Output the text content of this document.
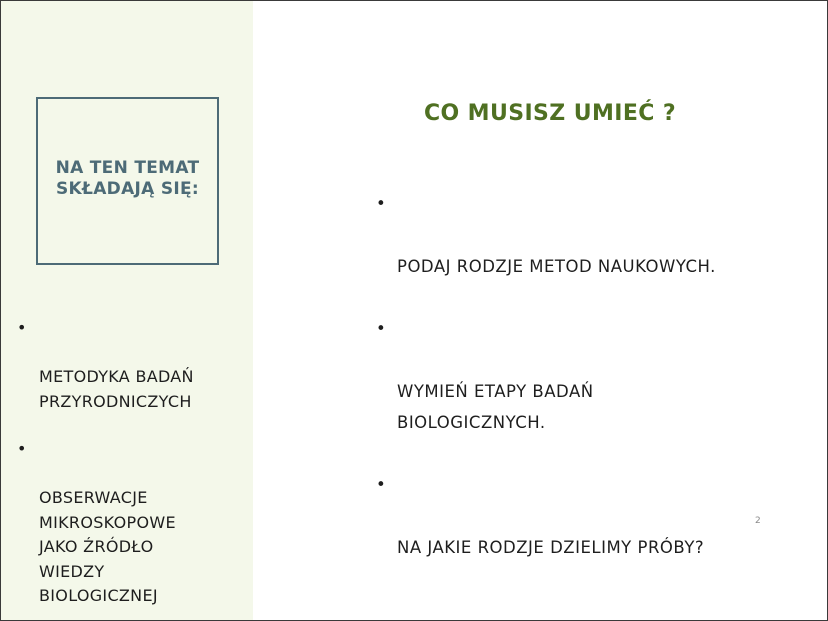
NA TEN TEMAT
SKŁADAJĄ SIĘ:

•

METODYKA BADAŃ
PRZYRODNICZYCH

•

OBSERWACJE
MIKROSKOPOWE
JAKO ŹRÓDŁO
WIEDZY
BIOLOGICZNEJ

CO MUSISZ UMIEĆ ?

•

PODAJ RODZJE METOD NAUKOWYCH.

•

WYMIEŃ ETAPY BADAŃ
BIOLOGICZNYCH.

•

NA JAKIE RODZJE DZIELIMY PRÓBY?

2
